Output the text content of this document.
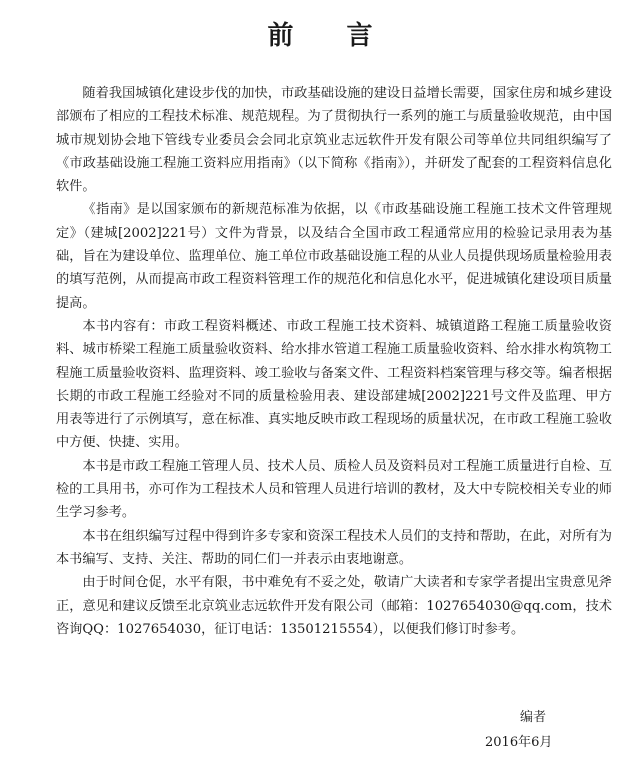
前 言

随着我国城镇化建设步伐的加快，市政基础设施的建设日益增长需要，国家住房和城乡建设部颁布了相应的工程技术标准、规范规程。为了贯彻执行一系列的施工与质量验收规范，由中国城市规划协会地下管线专业委员会会同北京筑业志远软件开发有限公司等单位共同组织编写了《市政基础设施工程施工资料应用指南》（以下简称《指南》），并研发了配套的工程资料信息化软件。

《指南》是以国家颁布的新规范标准为依据，以《市政基础设施工程施工技术文件管理规定》（建城[2002]221号）文件为背景，以及结合全国市政工程通常应用的检验记录用表为基础，旨在为建设单位、监理单位、施工单位市政基础设施工程的从业人员提供现场质量检验用表的填写范例，从而提高市政工程资料管理工作的规范化和信息化水平，促进城镇化建设项目质量提高。

本书内容有：市政工程资料概述、市政工程施工技术资料、城镇道路工程施工质量验收资料、城市桥梁工程施工质量验收资料、给水排水管道工程施工质量验收资料、给水排水构筑物工程施工质量验收资料、监理资料、竣工验收与备案文件、工程资料档案管理与移交等。编者根据长期的市政工程施工经验对不同的质量检验用表、建设部建城[2002]221号文件及监理、甲方用表等进行了示例填写，意在标准、真实地反映市政工程现场的质量状况，在市政工程施工验收中方便、快捷、实用。

本书是市政工程施工管理人员、技术人员、质检人员及资料员对工程施工质量进行自检、互检的工具用书，亦可作为工程技术人员和管理人员进行培训的教材，及大中专院校相关专业的师生学习参考。

本书在组织编写过程中得到许多专家和资深工程技术人员们的支持和帮助，在此，对所有为本书编写、支持、关注、帮助的同仁们一并表示由衷地谢意。

由于时间仓促，水平有限，书中难免有不妥之处，敬请广大读者和专家学者提出宝贵意见斧正，意见和建议反馈至北京筑业志远软件开发有限公司（邮箱：1027654030@qq.com，技术咨询QQ：1027654030，征订电话：13501215554），以便我们修订时参考。

编者
2016年6月
